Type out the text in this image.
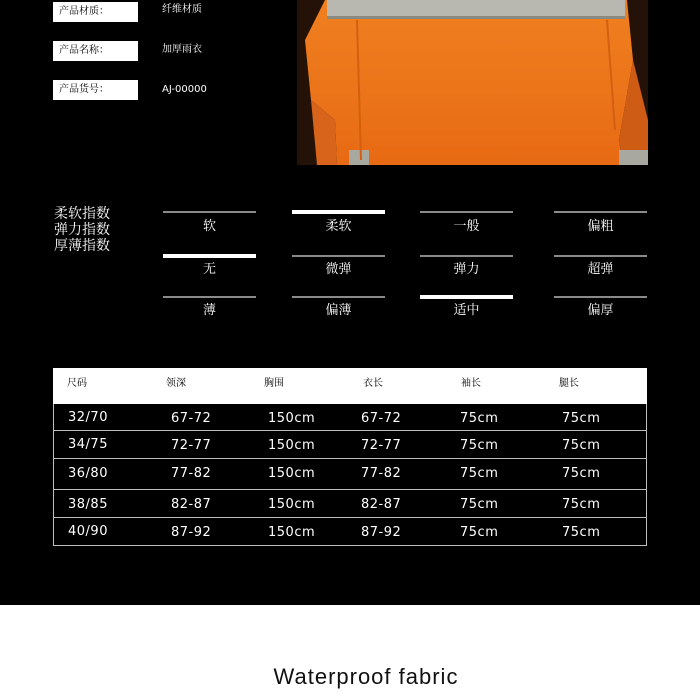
产品材质：	纤维材质
产品名称：	加厚雨衣
产品货号：	AJ-00000
柔软指数
弹力指数
厚薄指数
软	柔软	一般	偏粗
无	微弹	弹力	超弹
薄	偏薄	适中	偏厚
尺码	领深	胸围	衣长	袖长	腿长
32/70	67-72	150cm	67-72	75cm	75cm
34/75	72-77	150cm	72-77	75cm	75cm
36/80	77-82	150cm	77-82	75cm	75cm
38/85	82-87	150cm	82-87	75cm	75cm
40/90	87-92	150cm	87-92	75cm	75cm
Waterproof fabric
